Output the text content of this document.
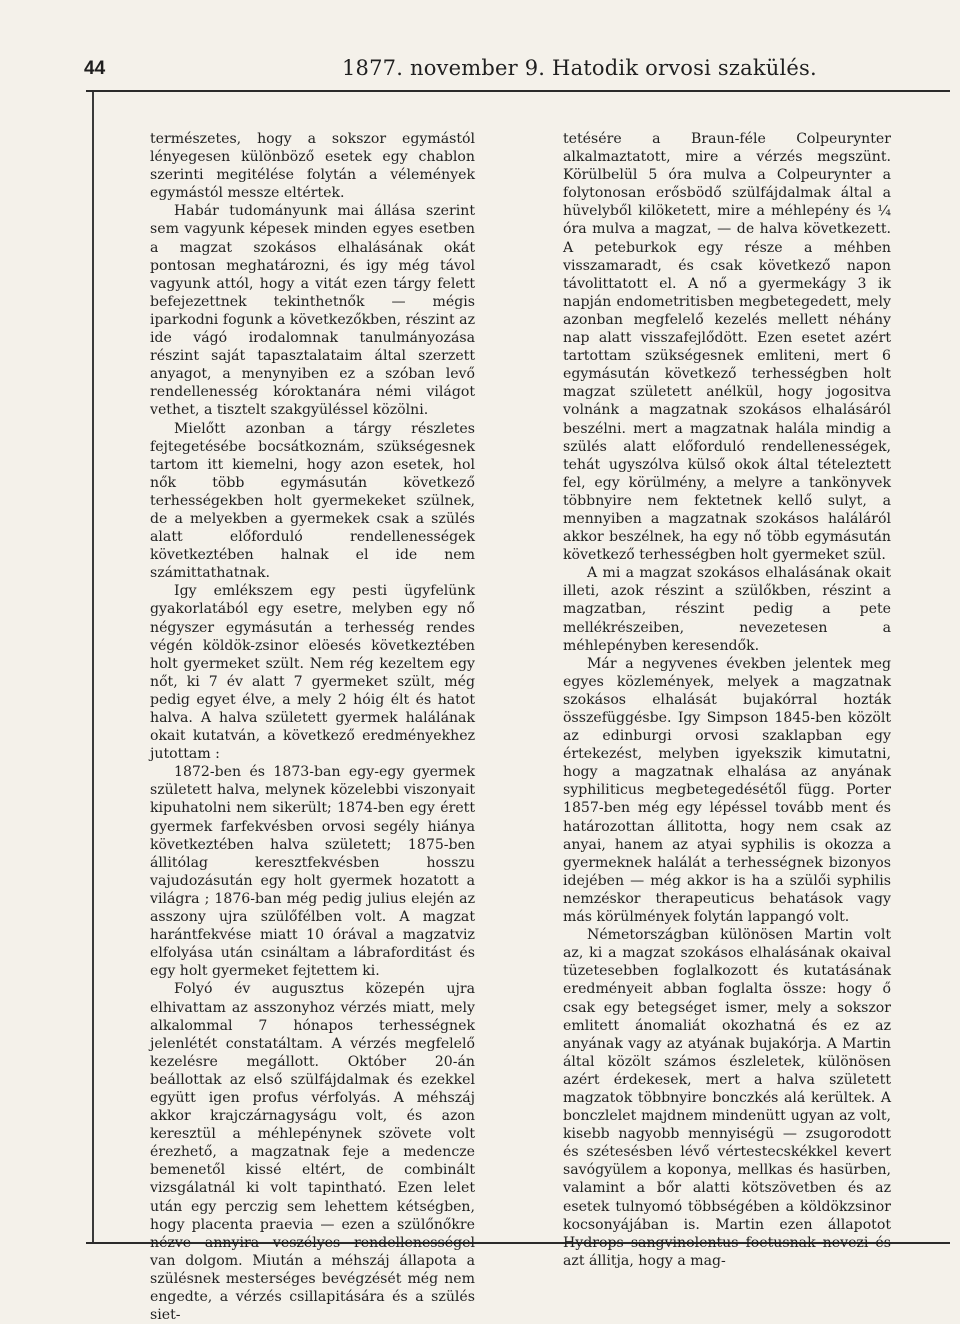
44	1877. november 9. Hatodik orvosi szakülés.

természetes, hogy a sokszor egymástól lényegesen különböző esetek egy chablon szerinti megitélése folytán a vélemények egymástól messze eltértek.

Habár tudományunk mai állása szerint sem vagyunk képesek minden egyes esetben a magzat szokásos elhalásának okát pontosan meghatározni, és igy még távol vagyunk attól, hogy a vitát ezen tárgy felett befejezettnek tekinthetnők — mégis iparkodni fogunk a következőkben, részint az ide vágó irodalomnak tanulmányozása részint saját tapasztalataim által szerzett anyagot, a menynyiben ez a szóban levő rendellenesség kóroktanára némi világot vethet, a tisztelt szakgyüléssel közölni.

Mielőtt azonban a tárgy részletes fejtegetésébe bocsátkoznám, szükségesnek tartom itt kiemelni, hogy azon esetek, hol nők több egymásután következő terhességekben holt gyermekeket szülnek, de a melyekben a gyermekek csak a szülés alatt előforduló rendellenességek következtében halnak el ide nem számittathatnak.

Igy emlékszem egy pesti ügyfelünk gyakorlatából egy esetre, melyben egy nő négyszer egymásután a terhesség rendes végén köldök-zsinor elöesés következtében holt gyermeket szült. Nem rég kezeltem egy nőt, ki 7 év alatt 7 gyermeket szült, még pedig egyet élve, a mely 2 hóig élt és hatot halva. A halva született gyermek halálának okait kutatván, a következő eredményekhez jutottam :

1872-ben és 1873-ban egy-egy gyermek született halva, melynek közelebbi viszonyait kipuhatolni nem sikerült; 1874-ben egy érett gyermek farfekvésben orvosi segély hiánya következtében halva született; 1875-ben állitólag keresztfekvésben hosszu vajudozásután egy holt gyermek hozatott a világra ; 1876-ban még pedig julius elején az asszony ujra szülőfélben volt. A magzat harántfekvése miatt 10 órával a magzatviz elfolyása után csináltam a lábraforditást és egy holt gyermeket fejtettem ki.

Folyó év augusztus közepén ujra elhivattam az asszonyhoz vérzés miatt, mely alkalommal 7 hónapos terhességnek jelenlétét constatáltam. A vérzés megfelelő kezelésre megállott. Október 20-án beállottak az első szülfájdalmak és ezekkel együtt igen profus vérfolyás. A méhszáj akkor krajczárnagyságu volt, és azon keresztül a méhlepénynek szövete volt érezhető, a magzatnak feje a medencze bemenetől kissé eltért, de combinált vizsgálatnál ki volt tapintható. Ezen lelet után egy perczig sem lehettem kétségben, hogy placenta praevia — ezen a szülőnőkre nézve annyira veszélyes rendellenességel van dolgom. Miután a méhszáj állapota a szülésnek mesterséges bevégzését még nem engedte, a vérzés csillapitására és a szülés siet-

tetésére a Braun-féle Colpeurynter alkalmaztatott, mire a vérzés megszünt. Körülbelül 5 óra mulva a Colpeurynter a folytonosan erősbödő szülfájdalmak által a hüvelyből kilöketett, mire a méhlepény és ¼ óra mulva a magzat, — de halva következett. A peteburkok egy része a méhben visszamaradt, és csak következő napon távolittatott el. A nő a gyermekágy 3 ik napján endometritisben megbetegedett, mely azonban megfelelő kezelés mellett néhány nap alatt visszafejlődött. Ezen esetet azért tartottam szükségesnek emliteni, mert 6 egymásután következő terhességben holt magzat született anélkül, hogy jogositva volnánk a magzatnak szokásos elhalásáról beszélni. mert a magzatnak halála mindig a szülés alatt előforduló rendellenességek, tehát ugyszólva külső okok által tételeztett fel, egy körülmény, a melyre a tankönyvek többnyire nem fektetnek kellő sulyt, a mennyiben a magzatnak szokásos haláláról akkor beszélnek, ha egy nő több egymásután következő terhességben holt gyermeket szül.

A mi a magzat szokásos elhalásának okait illeti, azok részint a szülőkben, részint a magzatban, részint pedig a pete mellékrészeiben, nevezetesen a méhlepényben keresendők.

Már a negyvenes években jelentek meg egyes közlemények, melyek a magzatnak szokásos elhalását bujakórral hozták összefüggésbe. Igy Simpson 1845-ben közölt az edinburgi orvosi szaklapban egy értekezést, melyben igyekszik kimutatni, hogy a magzatnak elhalása az anyának syphiliticus megbetegedésétől függ. Porter 1857-ben még egy lépéssel tovább ment és határozottan állitotta, hogy nem csak az anyai, hanem az atyai syphilis is okozza a gyermeknek halálát a terhességnek bizonyos idejében — még akkor is ha a szülői syphilis nemzéskor therapeuticus behatások vagy más körülmények folytán lappangó volt.

Németországban különösen Martin volt az, ki a magzat szokásos elhalásának okaival tüzetesebben foglalkozott és kutatásának eredményeit abban foglalta össze: hogy ő csak egy betegséget ismer, mely a sokszor emlitett ánomaliát okozhatná és ez az anyának vagy az atyának bujakórja. A Martin által közölt számos észleletek, különösen azért érdekesek, mert a halva született magzatok többnyire bonczkés alá kerültek. A bonczlelet majdnem mindenütt ugyan az volt, kisebb nagyobb mennyiségü — zsugorodott és szétesésben lévő vértestecskékkel kevert savógyülem a koponya, mellkas és hasürben, valamint a bőr alatti kötszövetben és az esetek tulnyomó többségében a köldökzsinor kocsonyájában is. Martin ezen állapotot Hydrops sangvinolentus foetusnak nevezi és azt állitja, hogy a mag-
